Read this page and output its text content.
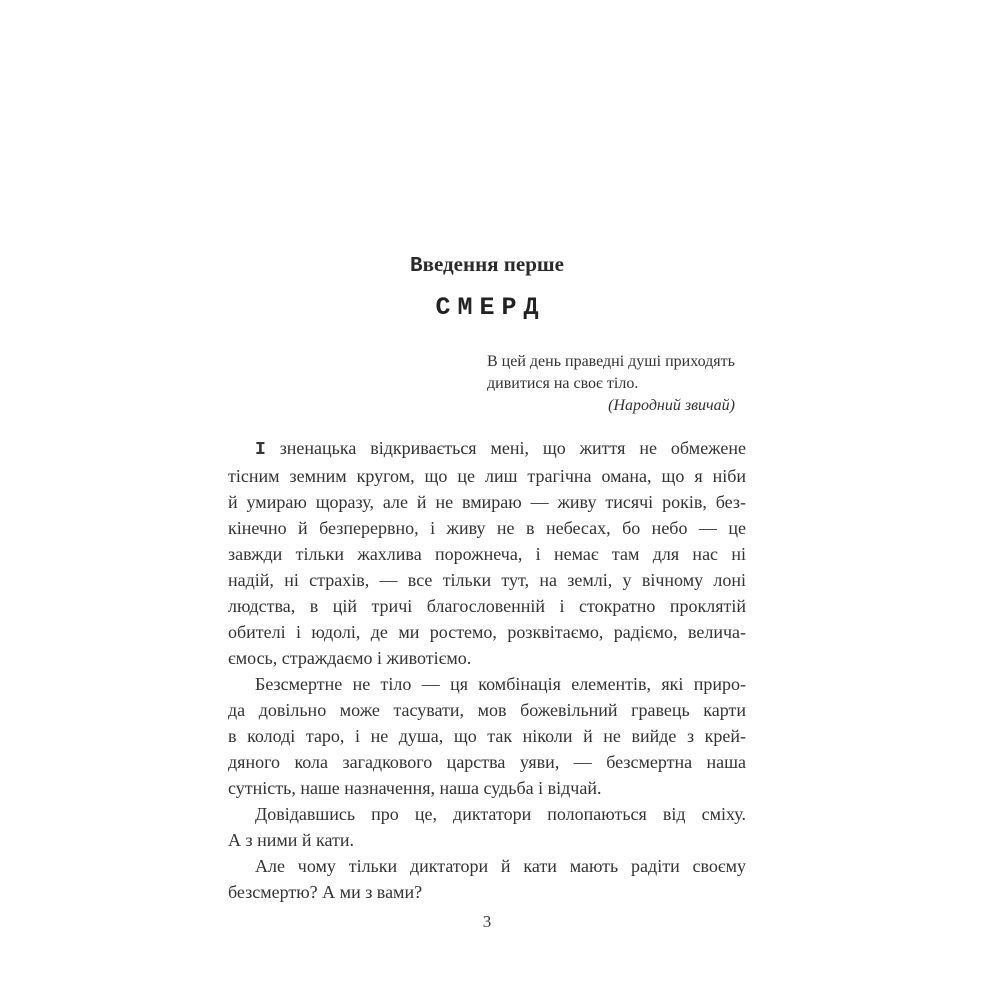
Введення перше
СМЕРД
В цей день праведні душі приходять
дивитися на своє тіло.
(Народний звичай)
І зненацька відкривається мені, що життя не обмежене
тісним земним кругом, що це лиш трагічна омана, що я ніби
й умираю щоразу, але й не вмираю — живу тисячі років, без-
кінечно й безперервно, і живу не в небесах, бо небо — це
завжди тільки жахлива порожнеча, і немає там для нас ні
надій, ні страхів, — все тільки тут, на землі, у вічному лоні
людства, в цій тричі благословенній і стократно проклятій
обителі і юдолі, де ми ростемо, розквітаємо, радіємо, велича-
ємось, страждаємо і животіємо.
Безсмертне не тіло — ця комбінація елементів, які приро-
да довільно може тасувати, мов божевільний гравець карти
в колоді таро, і не душа, що так ніколи й не вийде з крей-
дяного кола загадкового царства уяви, — безсмертна наша
сутність, наше назначення, наша судьба і відчай.
Довідавшись про це, диктатори полопаються від сміху.
А з ними й кати.
Але чому тільки диктатори й кати мають радіти своєму
безсмертю? А ми з вами?
3
